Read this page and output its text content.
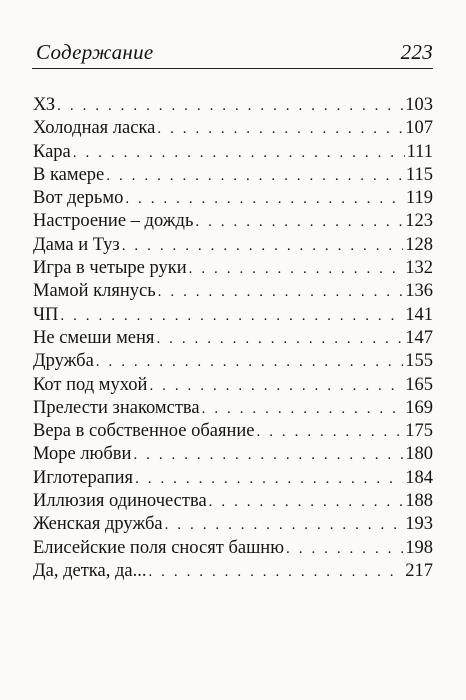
Содержание	223
ХЗ . . .	103
Холодная ласка . . .	107
Кара . . .	111
В камере . . .	115
Вот дерьмо . . .	119
Настроение – дождь . . .	123
Дама и Туз . . .	128
Игра в четыре руки . . .	132
Мамой клянусь . . .	136
ЧП . . .	141
Не смеши меня . . .	147
Дружба . . .	155
Кот под мухой . . .	165
Прелести знакомства . . .	169
Вера в собственное обаяние . . .	175
Море любви . . .	180
Иглотерапия . . .	184
Иллюзия одиночества . . .	188
Женская дружба . . .	193
Елисейские поля сносят башню . . .	198
Да, детка, да... . . .	217
